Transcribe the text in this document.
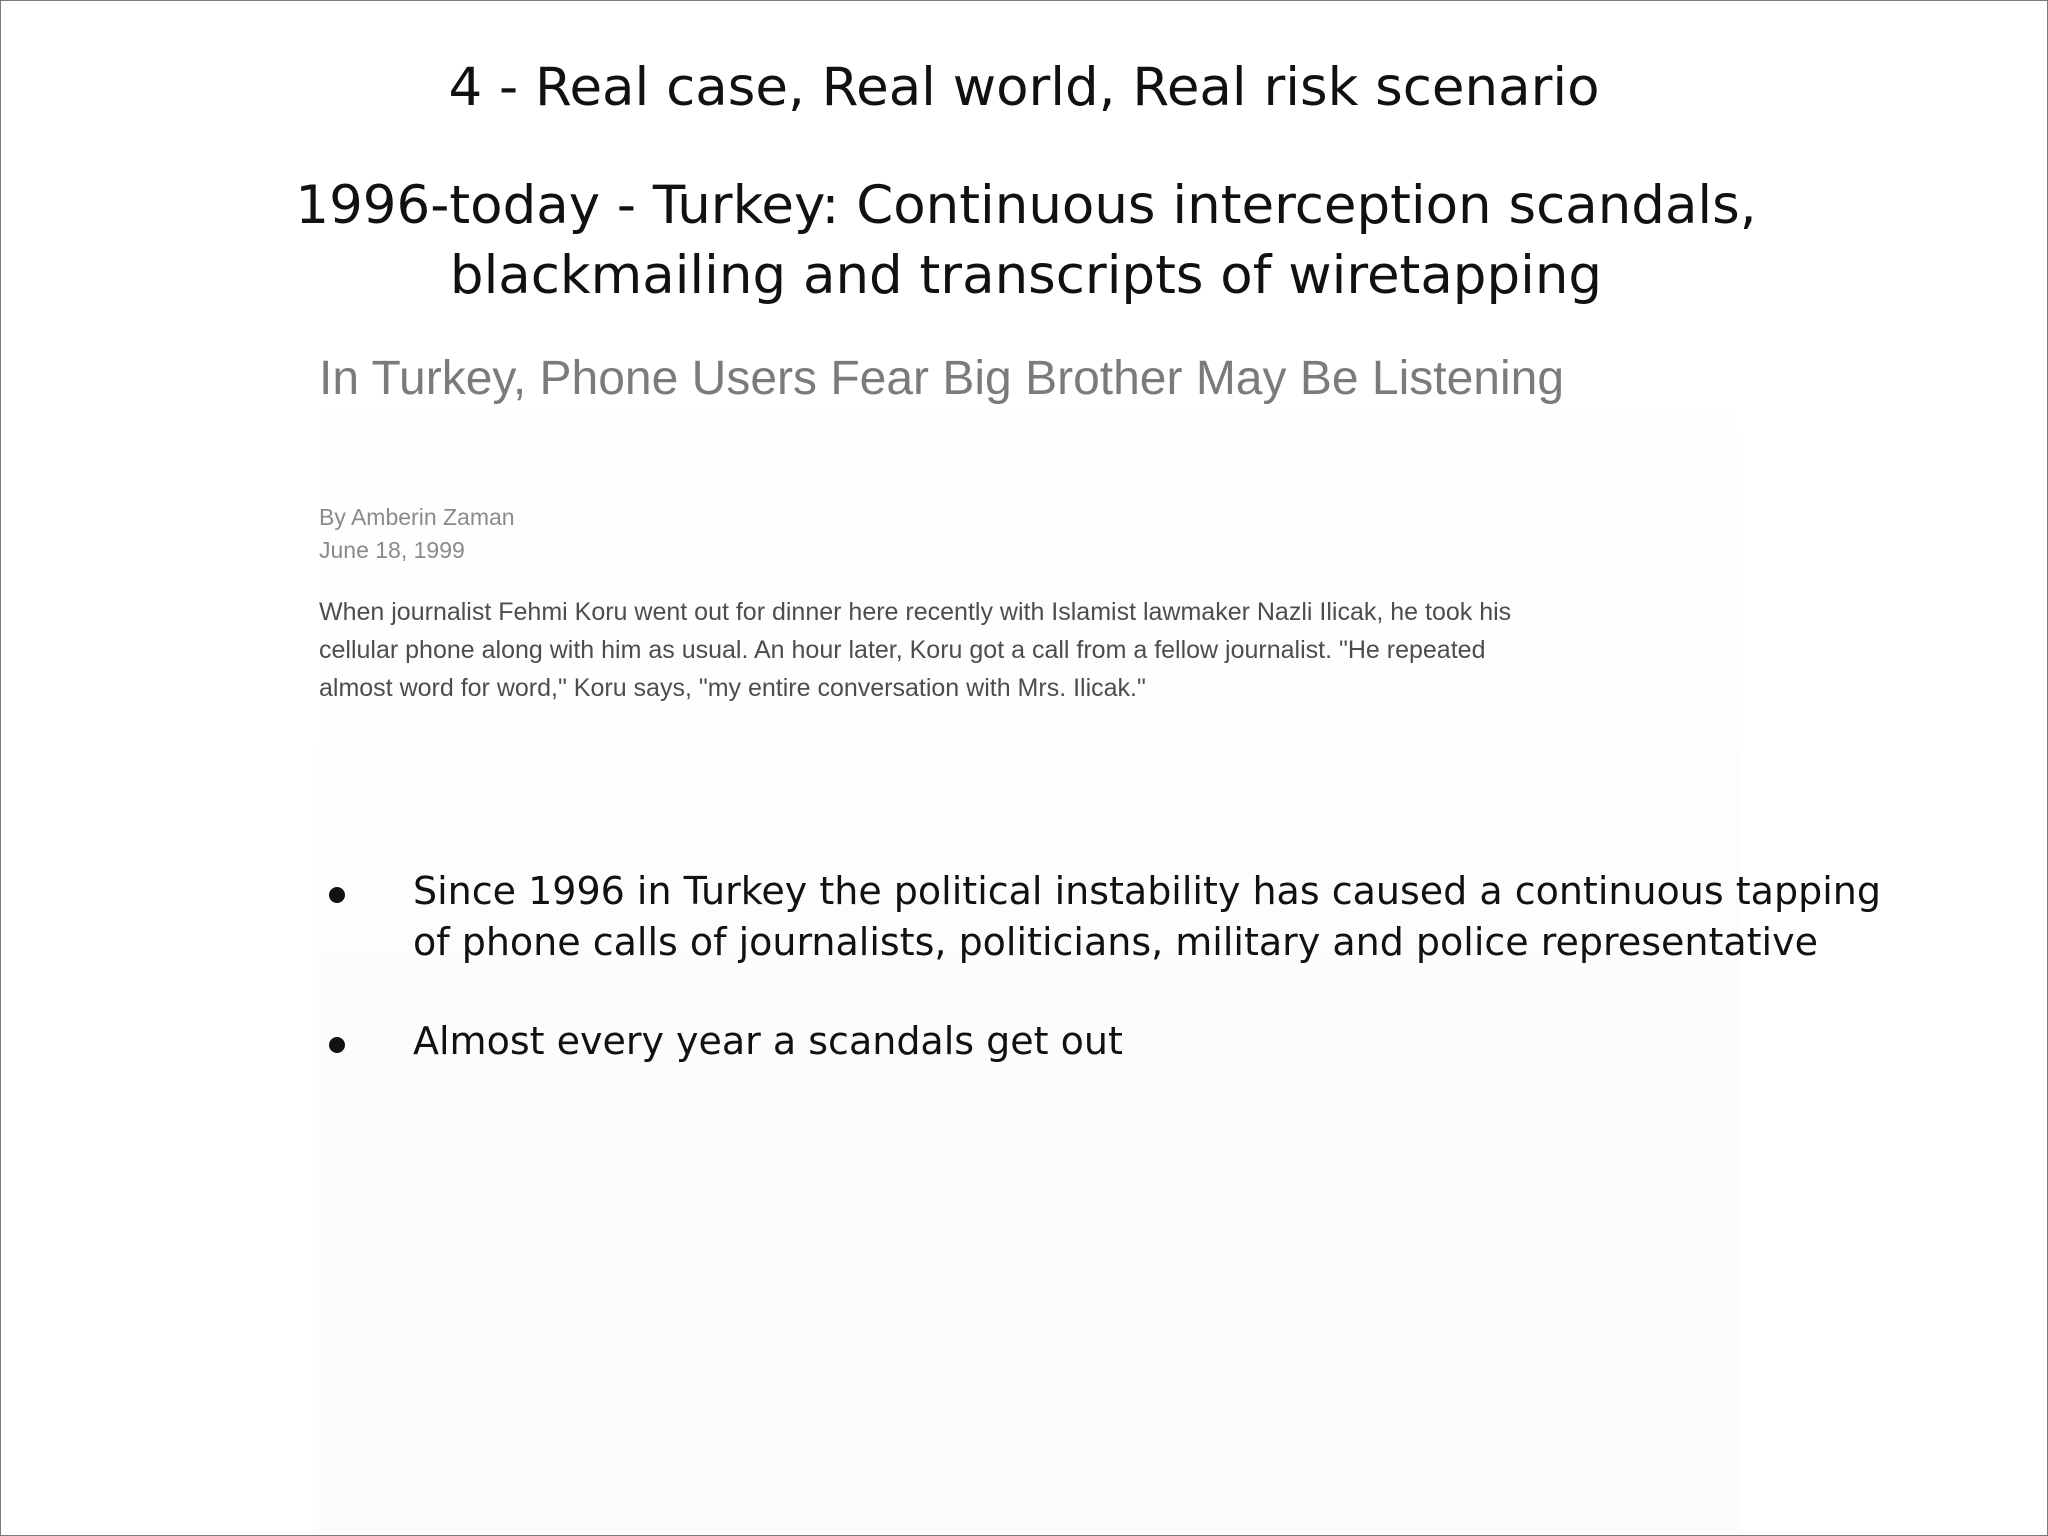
4 - Real case, Real world, Real risk scenario
1996-today - Turkey: Continuous interception scandals, blackmailing and transcripts of wiretapping
In Turkey, Phone Users Fear Big Brother May Be Listening
By Amberin Zaman
June 18, 1999
When journalist Fehmi Koru went out for dinner here recently with Islamist lawmaker Nazli Ilicak, he took his
cellular phone along with him as usual. An hour later, Koru got a call from a fellow journalist. "He repeated
almost word for word," Koru says, "my entire conversation with Mrs. Ilicak."
Since 1996 in Turkey the political instability has caused a continuous tapping
of phone calls of journalists, politicians, military and police representative
Almost every year a scandals get out
